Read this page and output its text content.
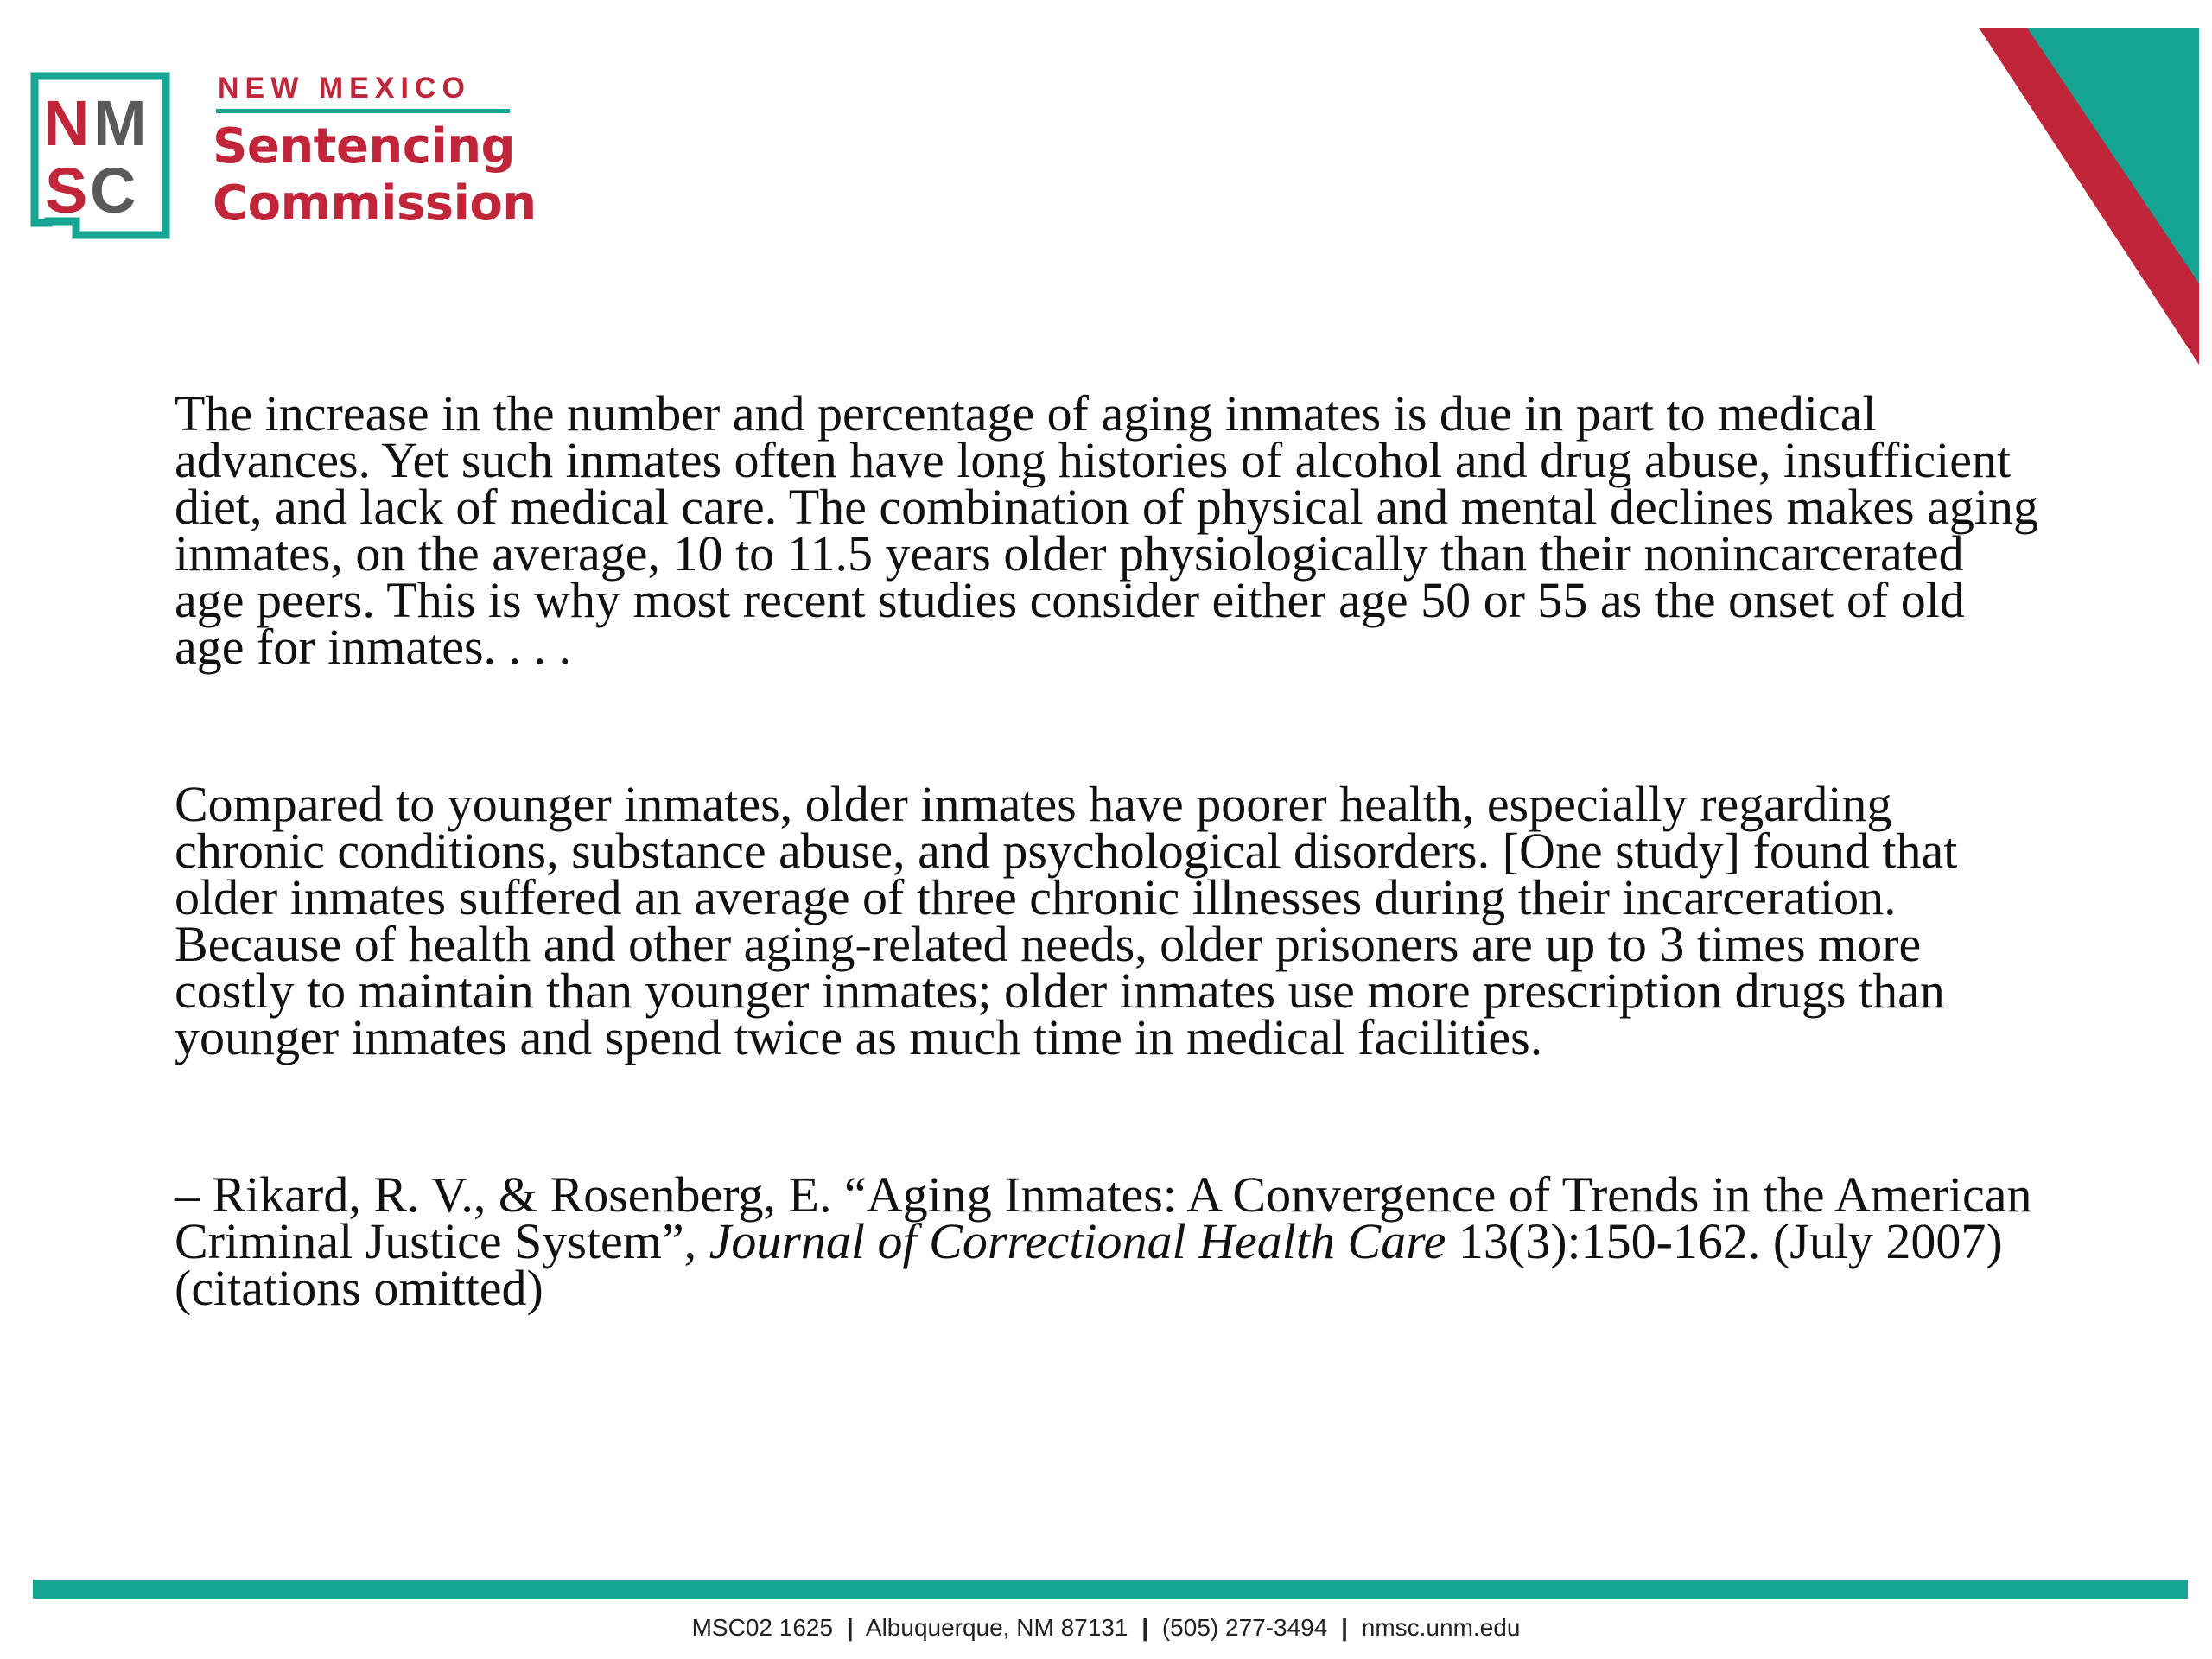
N M
S C
NEW MEXICO
Sentencing
Commission

The increase in the number and percentage of aging inmates is due in part to medical advances. Yet such inmates often have long histories of alcohol and drug abuse, insufficient diet, and lack of medical care. The combination of physical and mental declines makes aging inmates, on the average, 10 to 11.5 years older physiologically than their nonincarcerated age peers. This is why most recent studies consider either age 50 or 55 as the onset of old age for inmates. . . .

Compared to younger inmates, older inmates have poorer health, especially regarding chronic conditions, substance abuse, and psychological disorders. [One study] found that older inmates suffered an average of three chronic illnesses during their incarceration. Because of health and other aging-related needs, older prisoners are up to 3 times more costly to maintain than younger inmates; older inmates use more prescription drugs than younger inmates and spend twice as much time in medical facilities.

– Rikard, R. V., & Rosenberg, E. “Aging Inmates: A Convergence of Trends in the American Criminal Justice System”, Journal of Correctional Health Care 13(3):150-162. (July 2007) (citations omitted)

MSC02 1625 | Albuquerque, NM 87131 | (505) 277-3494 | nmsc.unm.edu
